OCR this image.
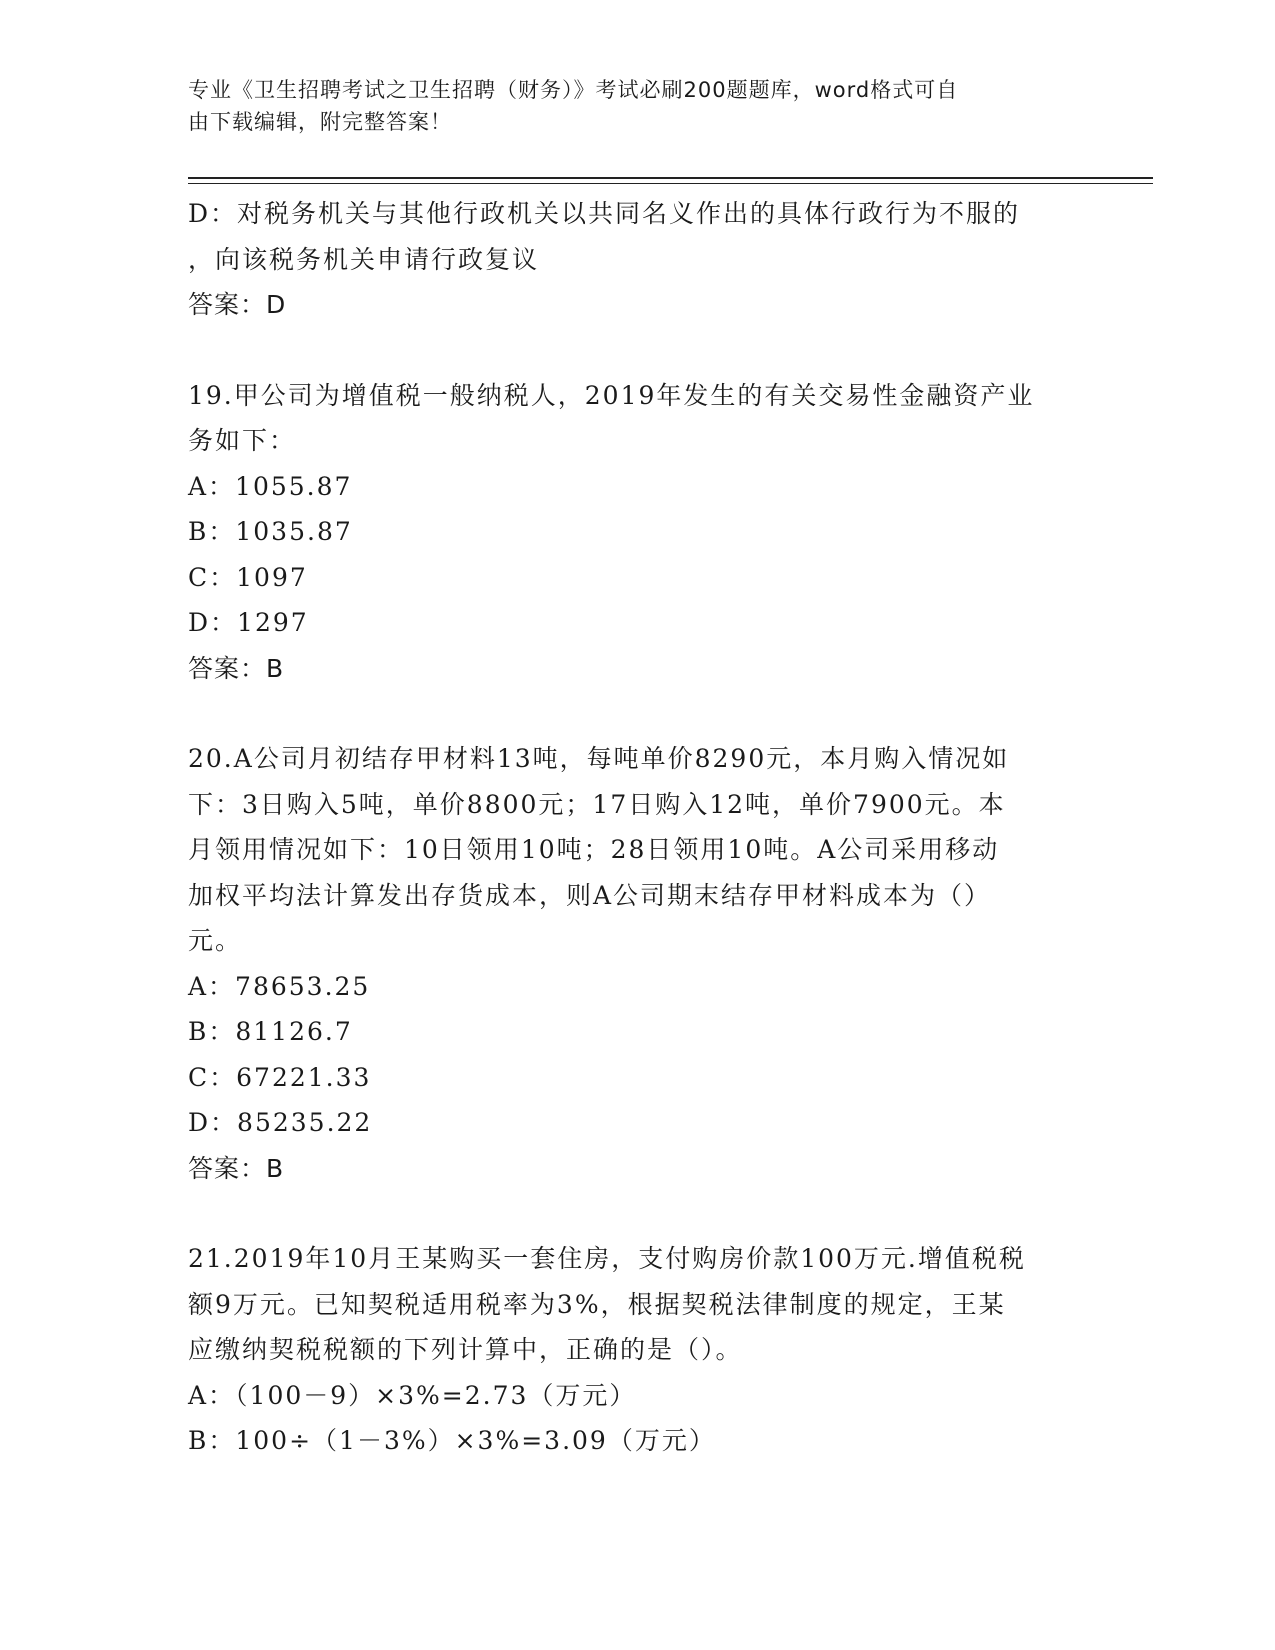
专业《卫生招聘考试之卫生招聘（财务）》考试必刷200题题库，word格式可自
由下载编辑，附完整答案！
D：对税务机关与其他行政机关以共同名义作出的具体行政行为不服的
，向该税务机关申请行政复议
答案：D
19.甲公司为增值税一般纳税人，2019年发生的有关交易性金融资产业
务如下：
A：1055.87
B：1035.87
C：1097
D：1297
答案：B
20.A公司月初结存甲材料13吨，每吨单价8290元，本月购入情况如
下：3日购入5吨，单价8800元；17日购入12吨，单价7900元。本
月领用情况如下：10日领用10吨；28日领用10吨。A公司采用移动
加权平均法计算发出存货成本，则A公司期末结存甲材料成本为（）
元。
A：78653.25
B：81126.7
C：67221.33
D：85235.22
答案：B
21.2019年10月王某购买一套住房，支付购房价款100万元.增值税税
额9万元。已知契税适用税率为3%，根据契税法律制度的规定，王某
应缴纳契税税额的下列计算中，正确的是（）。
A：（100－9）×3%=2.73（万元）
B：100÷（1－3%）×3%=3.09（万元）
